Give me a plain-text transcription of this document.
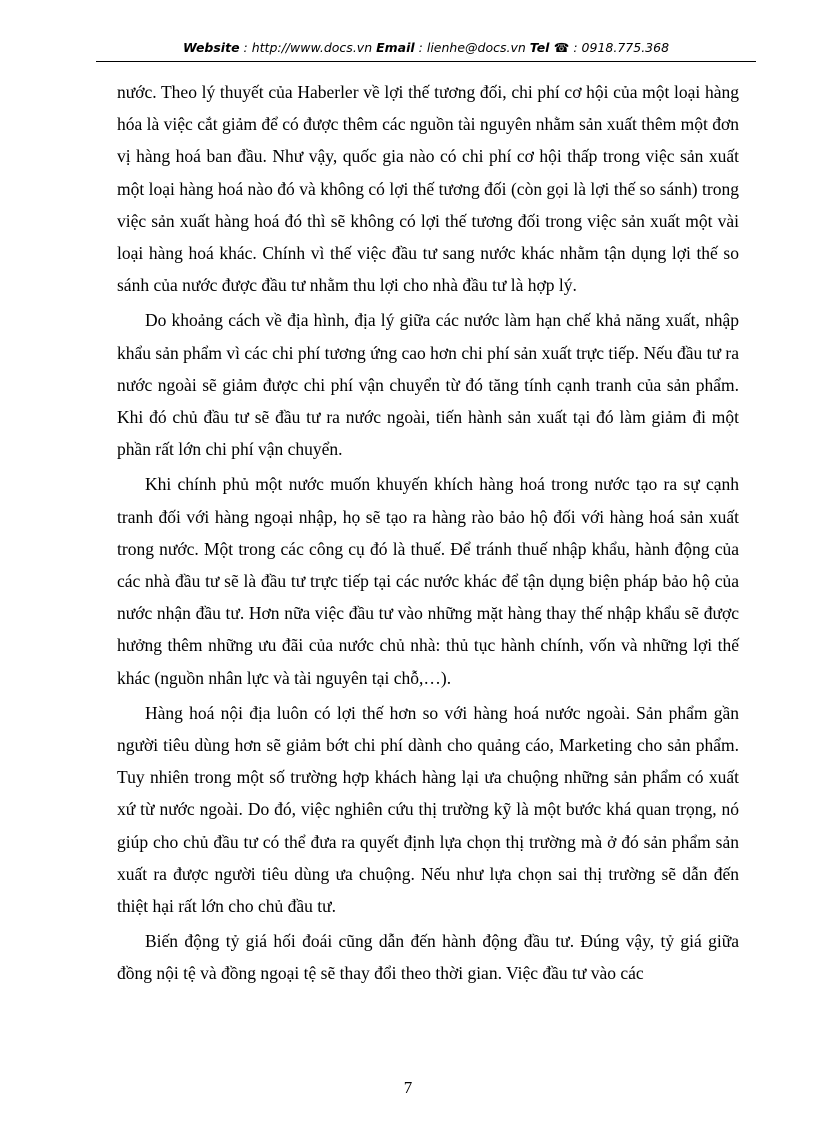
Website : http://www.docs.vn Email : lienhe@docs.vn Tel ☎ : 0918.775.368

nước. Theo lý thuyết của Haberler về lợi thế tương đối, chi phí cơ hội của một loại hàng hóa là việc cắt giảm để có được thêm các nguồn tài nguyên nhằm sản xuất thêm một đơn vị hàng hoá ban đầu. Như vậy, quốc gia nào có chi phí cơ hội thấp trong việc sản xuất một loại hàng hoá nào đó và không có lợi thế tương đối (còn gọi là lợi thế so sánh) trong việc sản xuất hàng hoá đó thì sẽ không có lợi thế tương đối trong việc sản xuất một vài loại hàng hoá khác. Chính vì thế việc đầu tư sang nước khác nhằm tận dụng lợi thế so sánh của nước được đầu tư nhằm thu lợi cho nhà đầu tư là hợp lý.

Do khoảng cách về địa hình, địa lý giữa các nước làm hạn chế khả năng xuất, nhập khẩu sản phẩm vì các chi phí tương ứng cao hơn chi phí sản xuất trực tiếp. Nếu đầu tư ra nước ngoài sẽ giảm được chi phí vận chuyển từ đó tăng tính cạnh tranh của sản phẩm. Khi đó chủ đầu tư sẽ đầu tư ra nước ngoài, tiến hành sản xuất tại đó làm giảm đi một phần rất lớn chi phí vận chuyển.

Khi chính phủ một nước muốn khuyến khích hàng hoá trong nước tạo ra sự cạnh tranh đối với hàng ngoại nhập, họ sẽ tạo ra hàng rào bảo hộ đối với hàng hoá sản xuất trong nước. Một trong các công cụ đó là thuế. Để tránh thuế nhập khẩu, hành động của các nhà đầu tư sẽ là đầu tư trực tiếp tại các nước khác để tận dụng biện pháp bảo hộ của nước nhận đầu tư. Hơn nữa việc đầu tư vào những mặt hàng thay thế nhập khẩu sẽ được hưởng thêm những ưu đãi của nước chủ nhà: thủ tục hành chính, vốn và những lợi thế khác (nguồn nhân lực và tài nguyên tại chỗ,…).

Hàng hoá nội địa luôn có lợi thế hơn so với hàng hoá nước ngoài. Sản phẩm gần người tiêu dùng hơn sẽ giảm bớt chi phí dành cho quảng cáo, Marketing cho sản phẩm. Tuy nhiên trong một số trường hợp khách hàng lại ưa chuộng những sản phẩm có xuất xứ từ nước ngoài. Do đó, việc nghiên cứu thị trường kỹ là một bước khá quan trọng, nó giúp cho chủ đầu tư có thể đưa ra quyết định lựa chọn thị trường mà ở đó sản phẩm sản xuất ra được người tiêu dùng ưa chuộng. Nếu như lựa chọn sai thị trường sẽ dẫn đến thiệt hại rất lớn cho chủ đầu tư.

Biến động tỷ giá hối đoái cũng dẫn đến hành động đầu tư. Đúng vậy, tỷ giá giữa đồng nội tệ và đồng ngoại tệ sẽ thay đổi theo thời gian. Việc đầu tư vào các

7
